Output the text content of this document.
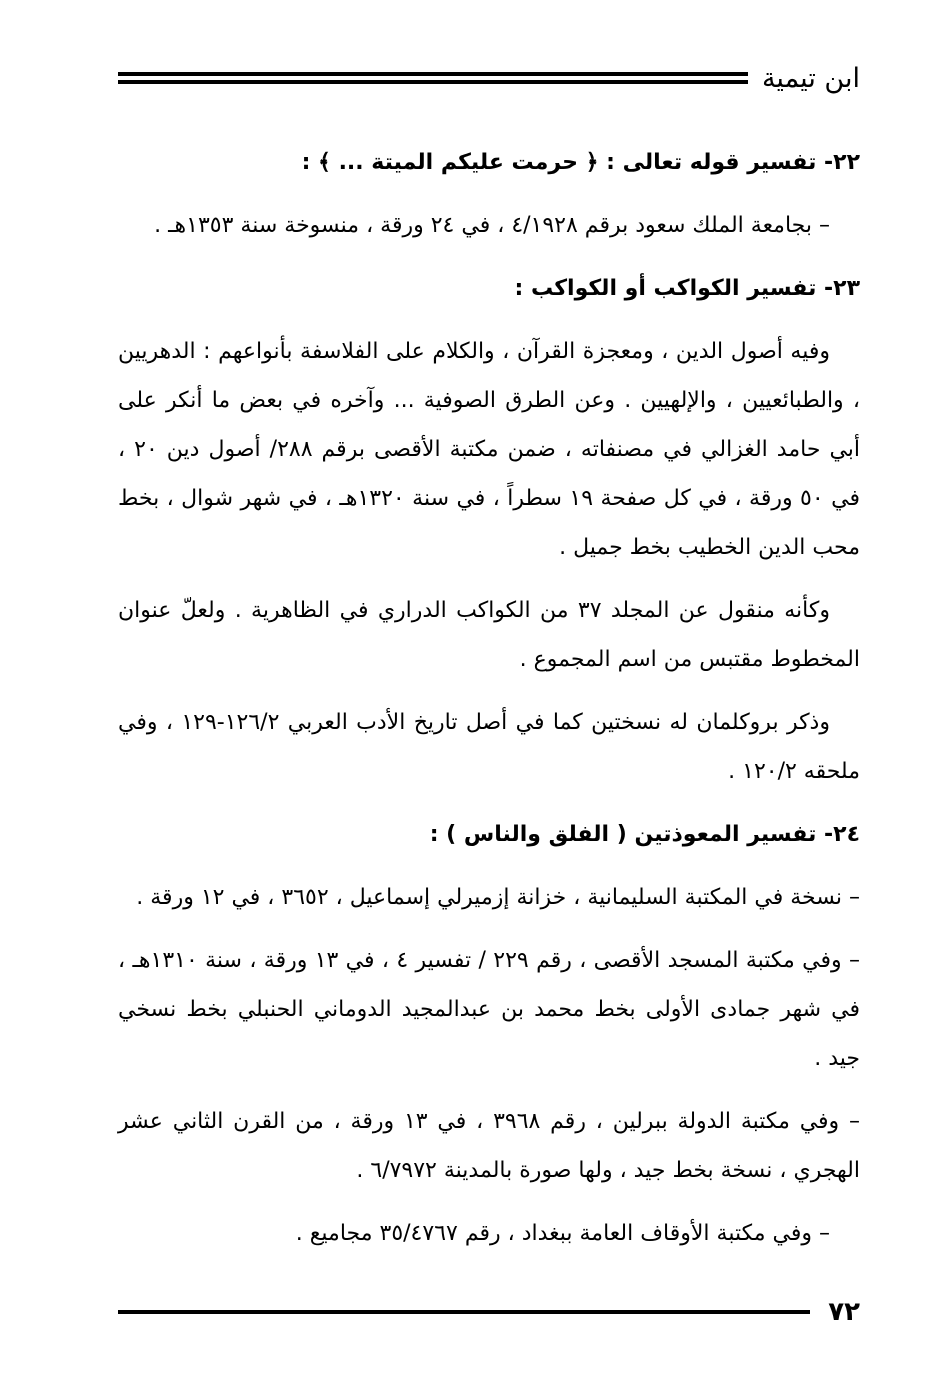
ابن تيمية

٢٢- تفسير قوله تعالى : ﴿ حرمت عليكم الميتة ... ﴾ :

– بجامعة الملك سعود برقم ٤/١٩٢٨ ، في ٢٤ ورقة ، منسوخة سنة ١٣٥٣هـ .

٢٣- تفسير الكواكب أو الكواكب :

وفيه أصول الدين ، ومعجزة القرآن ، والكلام على الفلاسفة بأنواعهم : الدهريين ، والطبائعيين ، والإلهيين . وعن الطرق الصوفية ... وآخره في بعض ما أنكر على أبي حامد الغزالي في مصنفاته ، ضمن مكتبة الأقصى برقم ٢٨٨/ أصول دين ٢٠ ، في ٥٠ ورقة ، في كل صفحة ١٩ سطراً ، في سنة ١٣٢٠هـ ، في شهر شوال ، بخط محب الدين الخطيب بخط جميل .

وكأنه منقول عن المجلد ٣٧ من الكواكب الدراري في الظاهرية . ولعلّ عنوان المخطوط مقتبس من اسم المجموع .

وذكر بروكلمان له نسختين كما في أصل تاريخ الأدب العربي ١٢٦/٢-١٢٩ ، وفي ملحقه ١٢٠/٢ .

٢٤- تفسير المعوذتين ( الفلق والناس ) :

– نسخة في المكتبة السليمانية ، خزانة إزميرلي إسماعيل ، ٣٦٥٢ ، في ١٢ ورقة .

– وفي مكتبة المسجد الأقصى ، رقم ٢٢٩ / تفسير ٤ ، في ١٣ ورقة ، سنة ١٣١٠هـ ، في شهر جمادى الأولى بخط محمد بن عبدالمجيد الدوماني الحنبلي بخط نسخي جيد .

– وفي مكتبة الدولة ببرلين ، رقم ٣٩٦٨ ، في ١٣ ورقة ، من القرن الثاني عشر الهجري ، نسخة بخط جيد ، ولها صورة بالمدينة ٦/٧٩٧٢ .

– وفي مكتبة الأوقاف العامة ببغداد ، رقم ٣٥/٤٧٦٧ مجاميع .

٧٢
